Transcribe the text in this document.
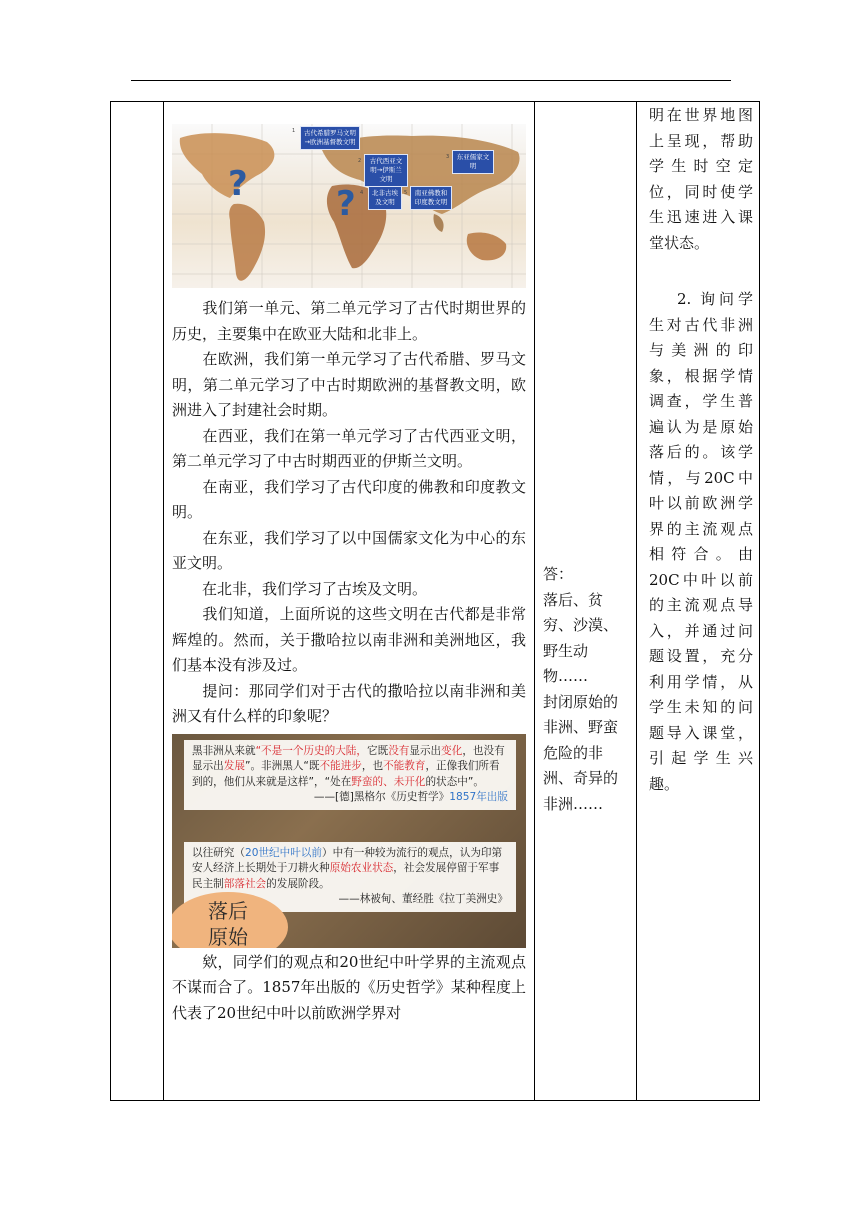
?	?
1	古代希腊罗马文明→欧洲基督教文明
2	古代西亚文明→伊斯兰文明
3	东亚儒家文明
4	北非古埃及文明
5	南亚佛教和印度教文明

我们第一单元、第二单元学习了古代时期世界的历史，主要集中在欧亚大陆和北非上。

在欧洲，我们第一单元学习了古代希腊、罗马文明，第二单元学习了中古时期欧洲的基督教文明，欧洲进入了封建社会时期。

在西亚，我们在第一单元学习了古代西亚文明，第二单元学习了中古时期西亚的伊斯兰文明。

在南亚，我们学习了古代印度的佛教和印度教文明。

在东亚，我们学习了以中国儒家文化为中心的东亚文明。

在北非，我们学习了古埃及文明。

我们知道，上面所说的这些文明在古代都是非常辉煌的。然而，关于撒哈拉以南非洲和美洲地区，我们基本没有涉及过。

提问：那同学们对于古代的撒哈拉以南非洲和美洲又有什么样的印象呢？

黑非洲从来就“不是一个历史的大陆，它既没有显示出变化，也没有显示出发展”。非洲黑人“既不能进步，也不能教育，正像我们所看到的，他们从来就是这样”，“处在野蛮的、未开化的状态中”。
——[德]黑格尔《历史哲学》1857年出版
以往研究（20世纪中叶以前）中有一种较为流行的观点，认为印第安人经济上长期处于刀耕火种原始农业状态，社会发展停留于军事民主制部落社会的发展阶段。
——林被甸、董经胜《拉丁美洲史》
落后
原始

欸，同学们的观点和20世纪中叶学界的主流观点不谋而合了。1857年出版的《历史哲学》某种程度上代表了20世纪中叶以前欧洲学界对

答：
落后、贫穷、沙漠、野生动物……
封闭原始的非洲、野蛮危险的非洲、奇异的非洲……

明在世界地图上呈现，帮助学生时空定位，同时使学生迅速进入课堂状态。
2. 询问学生对古代非洲与美洲的印象，根据学情调查，学生普遍认为是原始落后的。该学情，与20C中叶以前欧洲学界的主流观点相符合。由20C中叶以前的主流观点导入，并通过问题设置，充分利用学情，从学生未知的问题导入课堂，引起学生兴趣。
